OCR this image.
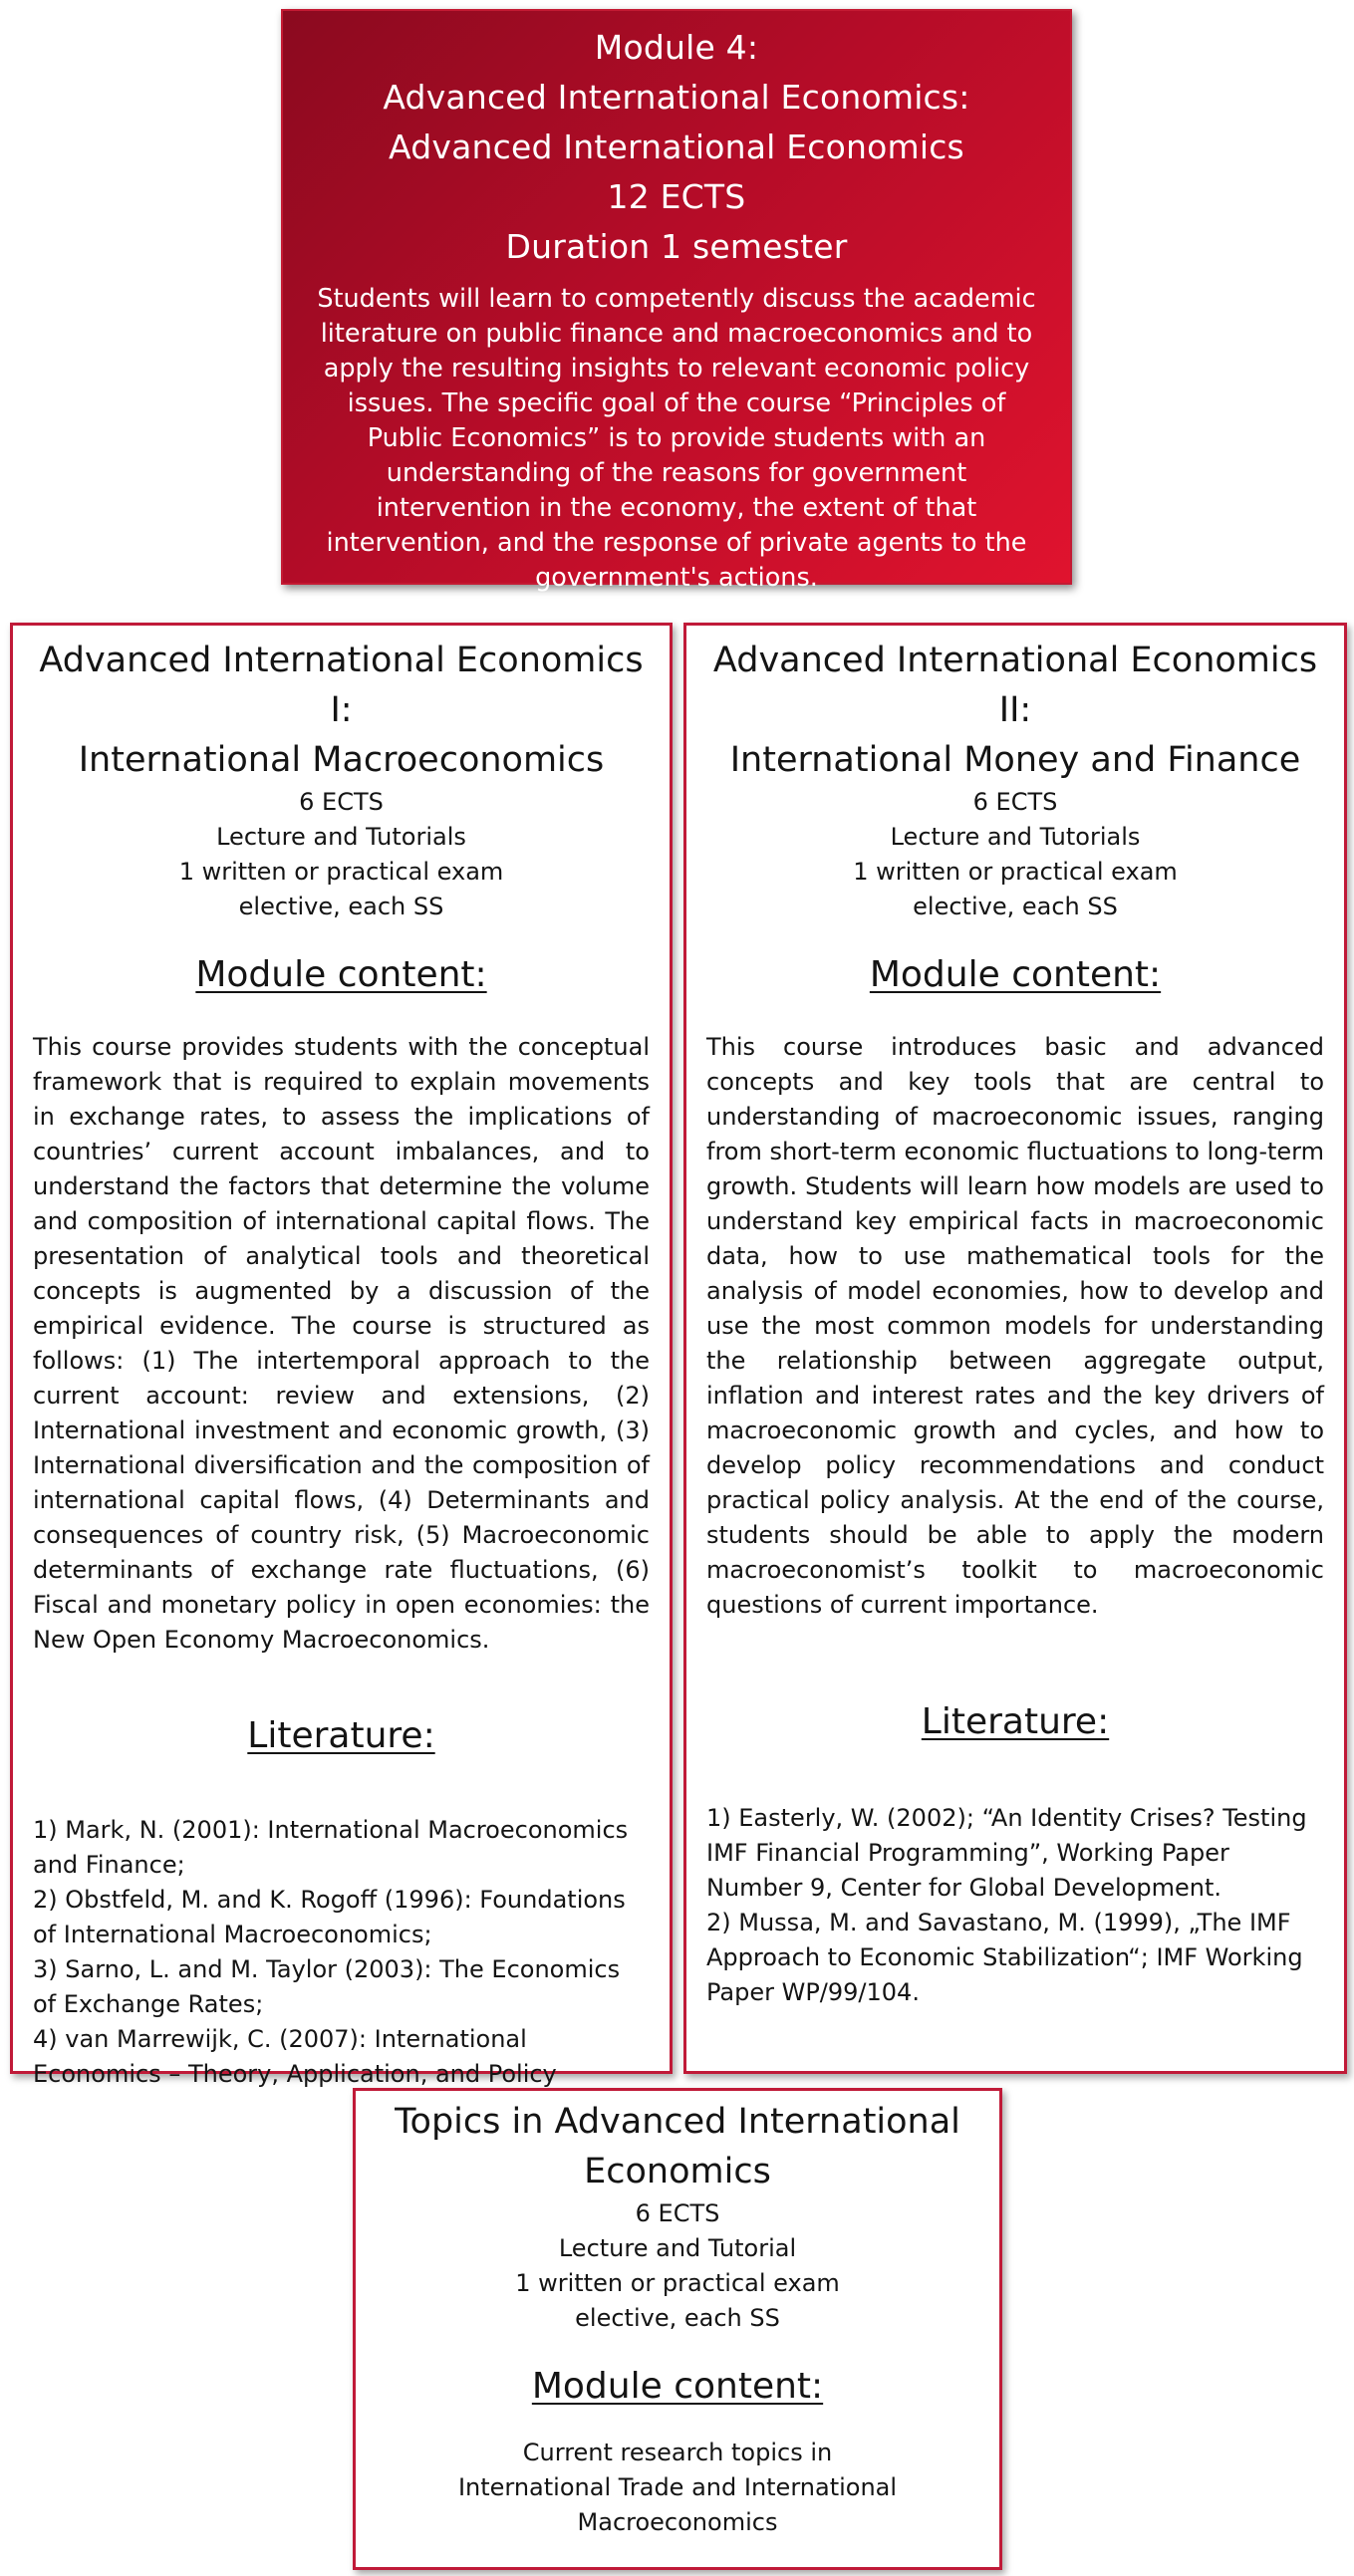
Module 4:
Advanced International Economics:
Advanced International Economics
12 ECTS
Duration 1 semester
Students will learn to competently discuss the academic literature on public finance and macroeconomics and to apply the resulting insights to relevant economic policy issues. The specific goal of the course “Principles of Public Economics” is to provide students with an understanding of the reasons for government intervention in the economy, the extent of that intervention, and the response of private agents to the government's actions.
Advanced International Economics I:
International Macroeconomics
6 ECTS
Lecture and Tutorials
1 written or practical exam
elective, each SS
Module content:
This course provides students with the conceptual framework that is required to explain movements in exchange rates, to assess the implications of countries’ current account imbalances, and to understand the factors that determine the volume and composition of international capital flows. The presentation of analytical tools and theoretical concepts is augmented by a discussion of the empirical evidence. The course is structured as follows: (1) The intertemporal approach to the current account: review and extensions, (2) International investment and economic growth, (3) International diversification and the composition of international capital flows, (4) Determinants and consequences of country risk, (5) Macroeconomic determinants of exchange rate fluctuations, (6) Fiscal and monetary policy in open economies: the New Open Economy Macroeconomics.
Literature:
1) Mark, N. (2001): International Macroeconomics and Finance;
2) Obstfeld, M. and K. Rogoff (1996): Foundations of International Macroeconomics;
3) Sarno, L. and M. Taylor (2003): The Economics of Exchange Rates;
4) van Marrewijk, C. (2007): International Economics – Theory, Application, and Policy
Advanced International Economics II:
International Money and Finance
6 ECTS
Lecture and Tutorials
1 written or practical exam
elective, each SS
Module content:
This course introduces basic and advanced concepts and key tools that are central to understanding of macroeconomic issues, ranging from short-term economic fluctuations to long-term growth. Students will learn how models are used to understand key empirical facts in macroeconomic data, how to use mathematical tools for the analysis of model economies, how to develop and use the most common models for understanding the relationship between aggregate output, inflation and interest rates and the key drivers of macroeconomic growth and cycles, and how to develop policy recommendations and conduct practical policy analysis. At the end of the course, students should be able to apply the modern macroeconomist’s toolkit to macroeconomic questions of current importance.
Literature:
1) Easterly, W. (2002); “An Identity Crises? Testing IMF Financial Programming”, Working Paper Number 9, Center for Global Development.
2) Mussa, M. and Savastano, M. (1999), „The IMF Approach to Economic Stabilization“; IMF Working Paper WP/99/104.
Topics in Advanced International
Economics
6 ECTS
Lecture and Tutorial
1 written or practical exam
elective, each SS
Module content:
Current research topics in International Trade and International Macroeconomics
